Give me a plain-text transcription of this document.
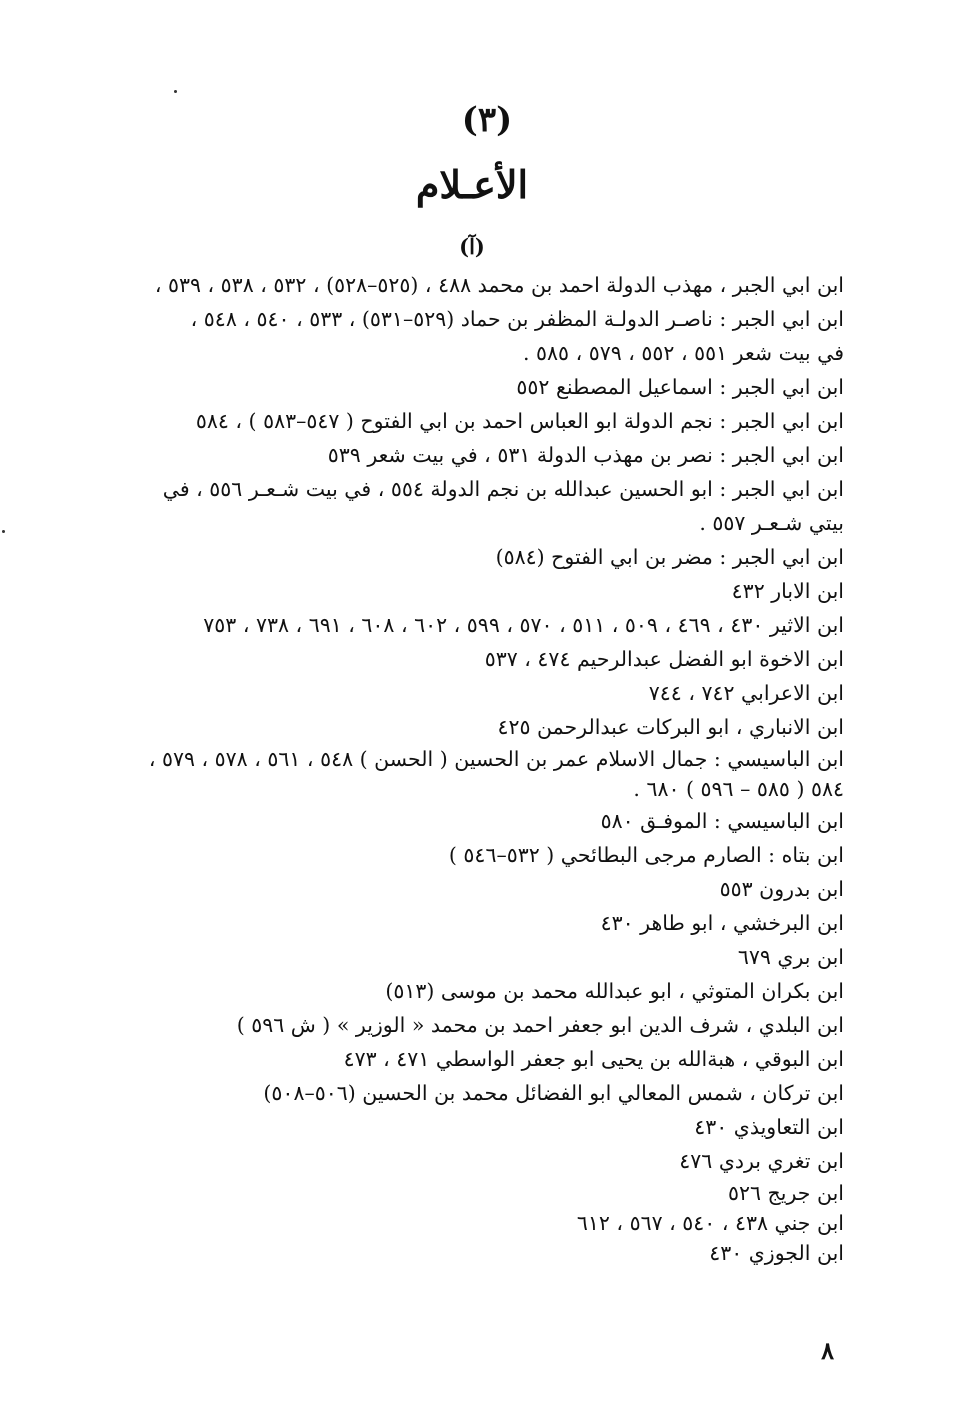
(٣)
الأعـلام
(آ)
ابن ابي الجبر ، مهذب الدولة احمد بن محمد ٤٨٨ ، (٥٢٥–٥٢٨) ، ٥٣٢ ، ٥٣٨ ، ٥٣٩ ،
ابن ابي الجبر : ناصـر الدولـة المظفر بن حماد (٥٢٩–٥٣١) ، ٥٣٣ ، ٥٤٠ ، ٥٤٨ ،
في بيت شعر ٥٥١ ، ٥٥٢ ، ٥٧٩ ، ٥٨٥ .
ابن ابي الجبر : اسماعيل المصطنع ٥٥٢
ابن ابي الجبر : نجم الدولة ابو العباس احمد بن ابي الفتوح ( ٥٤٧–٥٨٣ ) ، ٥٨٤
ابن ابي الجبر : نصر بن مهذب الدولة ٥٣١ ، في بيت شعر ٥٣٩
ابن ابي الجبر : ابو الحسين عبدالله بن نجم الدولة ٥٥٤ ، في بيت شـعـر ٥٥٦ ، في
بيتي شـعـر ٥٥٧ .
ابن ابي الجبر : مضر بن ابي الفتوح (٥٨٤)
ابن الابار ٤٣٢
ابن الاثير ٤٣٠ ، ٤٦٩ ، ٥٠٩ ، ٥١١ ، ٥٧٠ ، ٥٩٩ ، ٦٠٢ ، ٦٠٨ ، ٦٩١ ، ٧٣٨ ، ٧٥٣
ابن الاخوة ابو الفضل عبدالرحيم ٤٧٤ ، ٥٣٧
ابن الاعرابي ٧٤٢ ، ٧٤٤
ابن الانباري ، ابو البركات عبدالرحمن ٤٢٥
ابن الباسيسي : جمال الاسلام عمر بن الحسين ( الحسن ) ٥٤٨ ، ٥٦١ ، ٥٧٨ ، ٥٧٩ ،
٥٨٤ ( ٥٨٥ – ٥٩٦ ) ٦٨٠ .
ابن الباسيسي : الموفـق ٥٨٠
ابن بتاه : الصارم مرجى البطائحي ( ٥٣٢–٥٤٦ )
ابن بدرون ٥٥٣
ابن البرخشي ، ابو طاهر ٤٣٠
ابن بري ٦٧٩
ابن بكران المتوثي ، ابو عبدالله محمد بن موسى (٥١٣)
ابن البلدي ، شرف الدين ابو جعفر احمد بن محمد « الوزير » ( ش ٥٩٦ )
ابن البوقي ، هبةالله بن يحيى ابو جعفر الواسطي ٤٧١ ، ٤٧٣
ابن تركان ، شمس المعالي ابو الفضائل محمد بن الحسين (٥٠٦–٥٠٨)
ابن التعاويذي ٤٣٠
ابن تغري بردي ٤٧٦
ابن جريج ٥٢٦
ابن جني ٤٣٨ ، ٥٤٠ ، ٥٦٧ ، ٦١٢
ابن الجوزي ٤٣٠
٨
